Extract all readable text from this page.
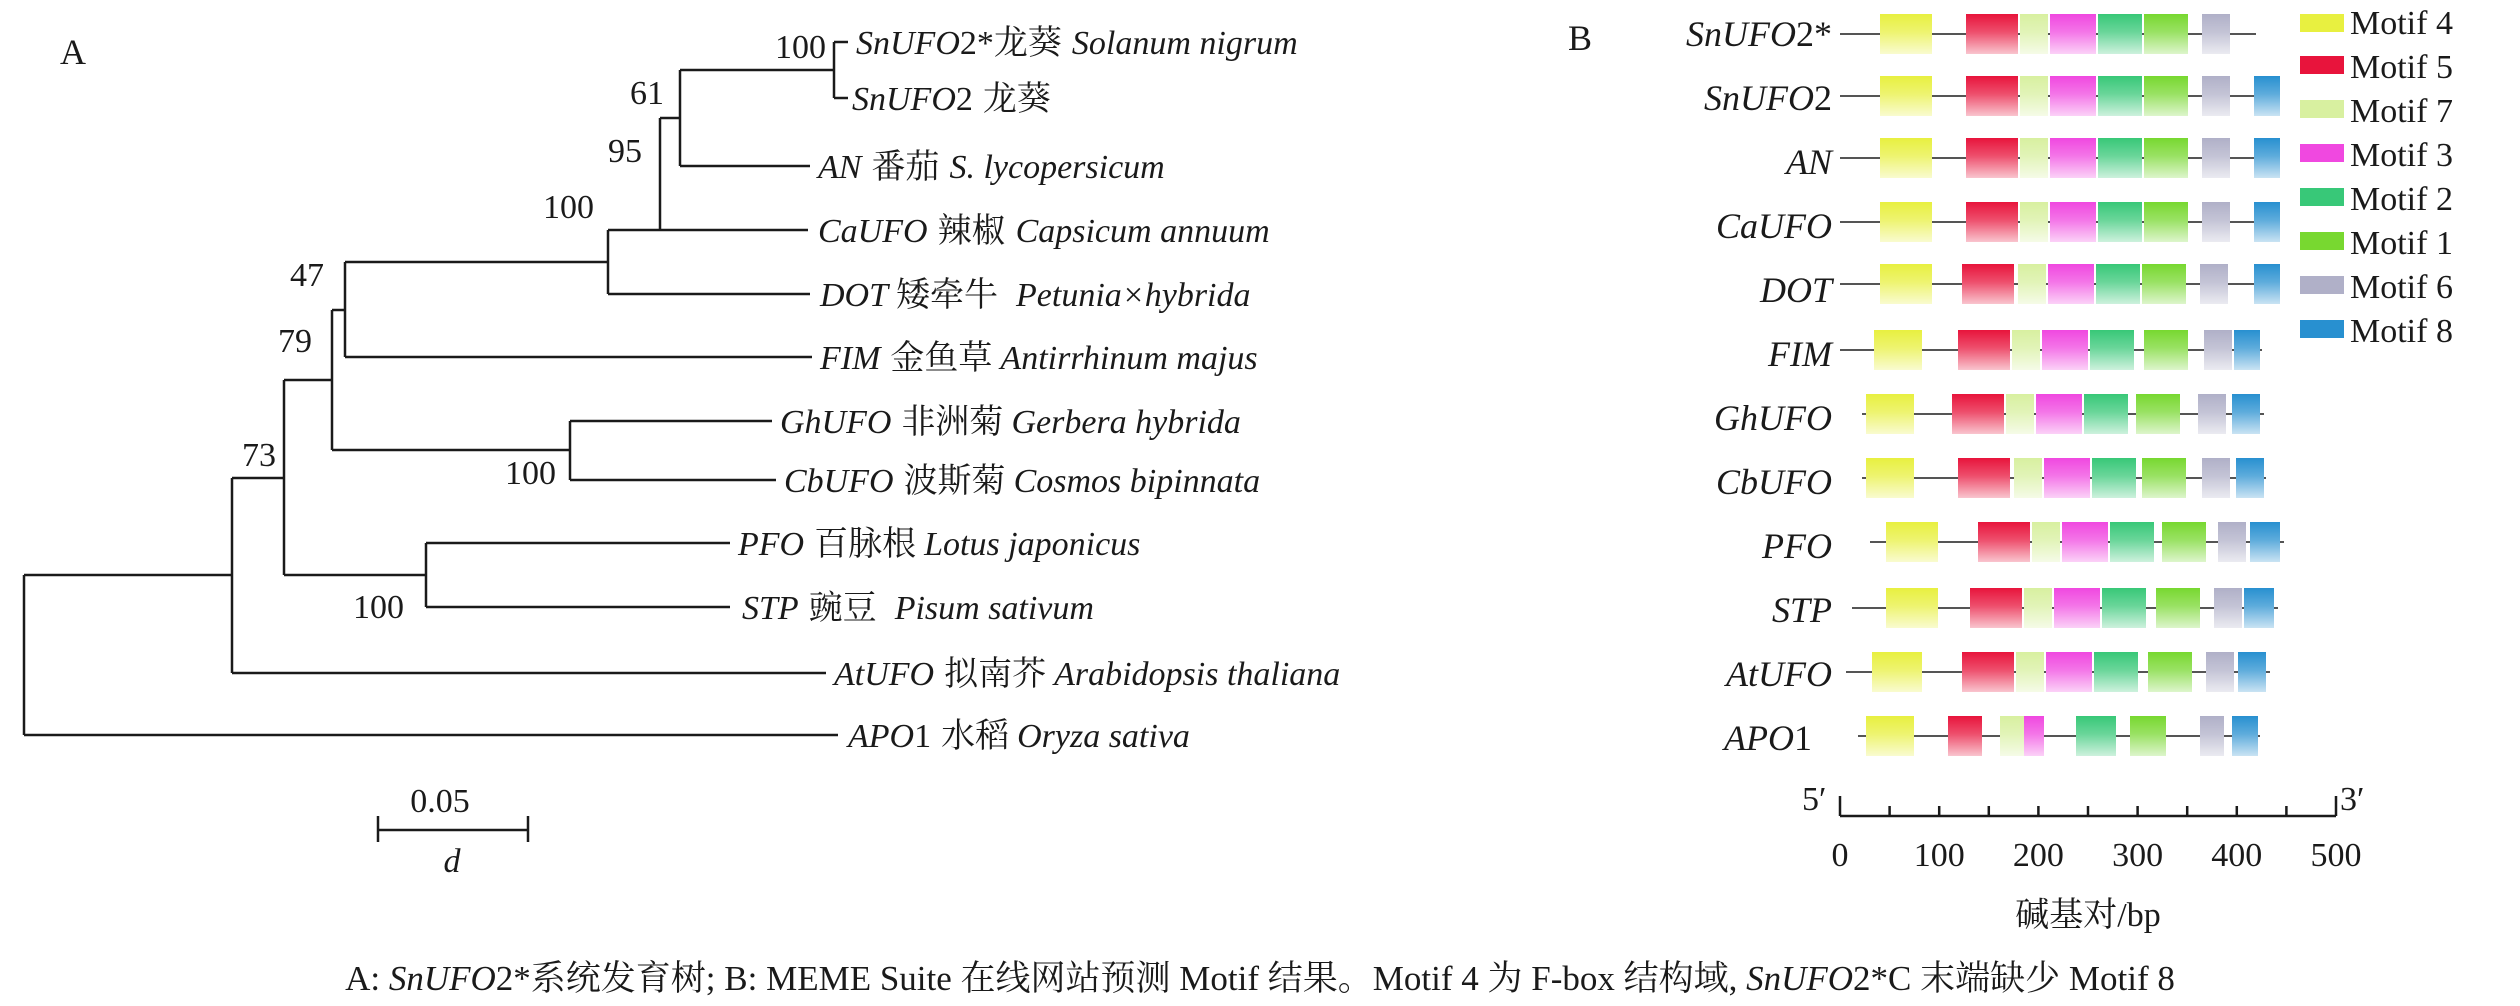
A	100
61
95
100
47
79
100
73
100
SnUFO2*龙葵 Solanum nigrum
SnUFO2 龙葵
AN 番茄 S. lycopersicum
CaUFO 辣椒 Capsicum annuum
DOT 矮牵牛 Petunia×hybrida
FIM 金鱼草 Antirrhinum majus
GhUFO 非洲菊 Gerbera hybrida
CbUFO 波斯菊 Cosmos bipinnata
PFO 百脉根 Lotus japonicus
STP 豌豆 Pisum sativum
AtUFO 拟南芥 Arabidopsis thaliana
APO1 水稻 Oryza sativa
0.05
d
B	SnUFO2*
SnUFO2
AN
CaUFO
DOT
FIM
GhUFO
CbUFO
PFO
STP
AtUFO
APO1
5′	3′
0 100 200 300 400 500
碱基对/bp
Motif 4
Motif 5
Motif 7
Motif 3
Motif 2
Motif 1
Motif 6
Motif 8
A: SnUFO2*系统发育树; B: MEME Suite 在线网站预测 Motif 结果。Motif 4 为 F-box 结构域, SnUFO2*C 末端缺少 Motif 8
